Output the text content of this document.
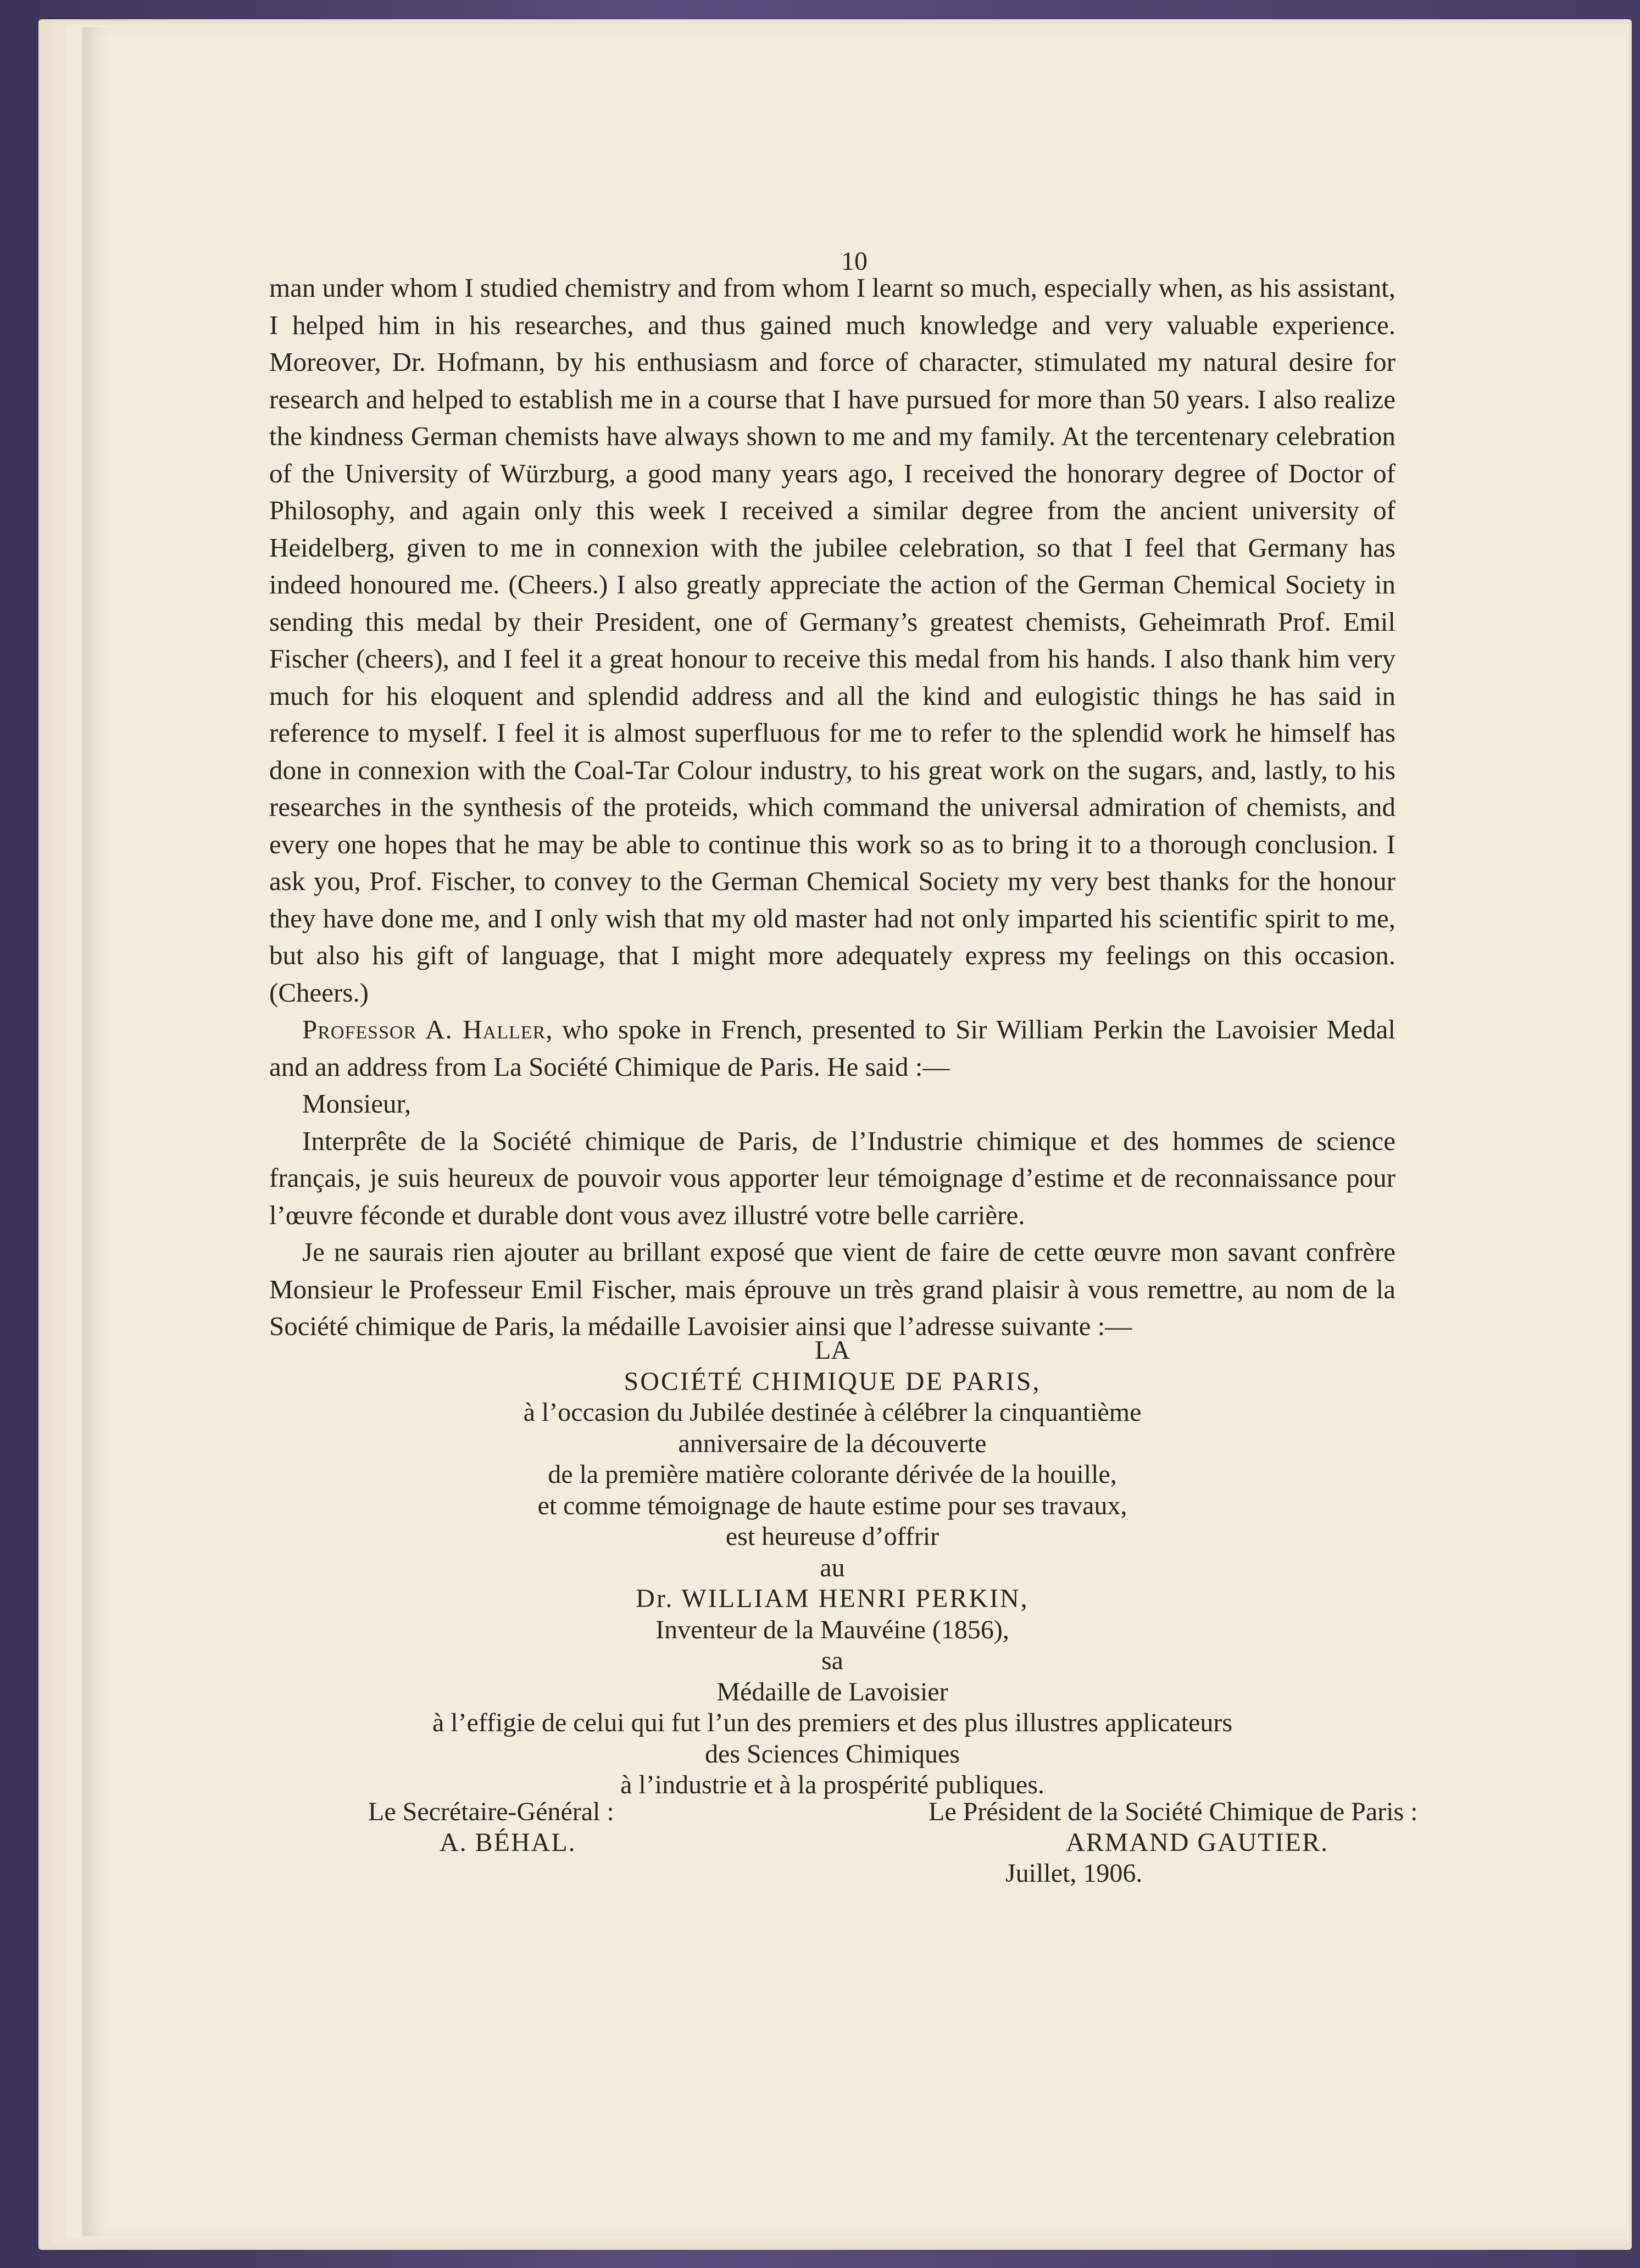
10

man under whom I studied chemistry and from whom I learnt so much, especially when, as his assistant, I helped him in his researches, and thus gained much knowledge and very valuable experience. Moreover, Dr. Hofmann, by his enthusiasm and force of character, stimulated my natural desire for research and helped to establish me in a course that I have pursued for more than 50 years. I also realize the kindness German chemists have always shown to me and my family. At the tercentenary celebration of the University of Würzburg, a good many years ago, I received the honorary degree of Doctor of Philosophy, and again only this week I received a similar degree from the ancient university of Heidelberg, given to me in connexion with the jubilee celebration, so that I feel that Germany has indeed honoured me. (Cheers.) I also greatly appreciate the action of the German Chemical Society in sending this medal by their President, one of Germany’s greatest chemists, Geheimrath Prof. Emil Fischer (cheers), and I feel it a great honour to receive this medal from his hands. I also thank him very much for his eloquent and splendid address and all the kind and eulogistic things he has said in reference to myself. I feel it is almost superfluous for me to refer to the splendid work he himself has done in connexion with the Coal-Tar Colour industry, to his great work on the sugars, and, lastly, to his researches in the synthesis of the proteids, which command the universal admiration of chemists, and every one hopes that he may be able to continue this work so as to bring it to a thorough conclusion. I ask you, Prof. Fischer, to convey to the German Chemical Society my very best thanks for the honour they have done me, and I only wish that my old master had not only imparted his scientific spirit to me, but also his gift of language, that I might more adequately express my feelings on this occasion. (Cheers.)

Professor A. Haller, who spoke in French, presented to Sir William Perkin the Lavoisier Medal and an address from La Société Chimique de Paris. He said :—

Monsieur,

Interprête de la Société chimique de Paris, de l’Industrie chimique et des hommes de science français, je suis heureux de pouvoir vous apporter leur témoignage d’estime et de reconnaissance pour l’œuvre féconde et durable dont vous avez illustré votre belle carrière.

Je ne saurais rien ajouter au brillant exposé que vient de faire de cette œuvre mon savant confrère Monsieur le Professeur Emil Fischer, mais éprouve un très grand plaisir à vous remettre, au nom de la Société chimique de Paris, la médaille Lavoisier ainsi que l’adresse suivante :—

LA
SOCIÉTÉ CHIMIQUE DE PARIS,
à l’occasion du Jubilée destinée à célébrer la cinquantième
anniversaire de la découverte
de la première matière colorante dérivée de la houille,
et comme témoignage de haute estime pour ses travaux,
est heureuse d’offrir
au
Dr. WILLIAM HENRI PERKIN,
Inventeur de la Mauvéine (1856),
sa
Médaille de Lavoisier
à l’effigie de celui qui fut l’un des premiers et des plus illustres applicateurs
des Sciences Chimiques
à l’industrie et à la prospérité publiques.
Le Secrétaire-Général :
A. BÉHAL.
Le Président de la Société Chimique de Paris :
ARMAND GAUTIER.
Juillet, 1906.
